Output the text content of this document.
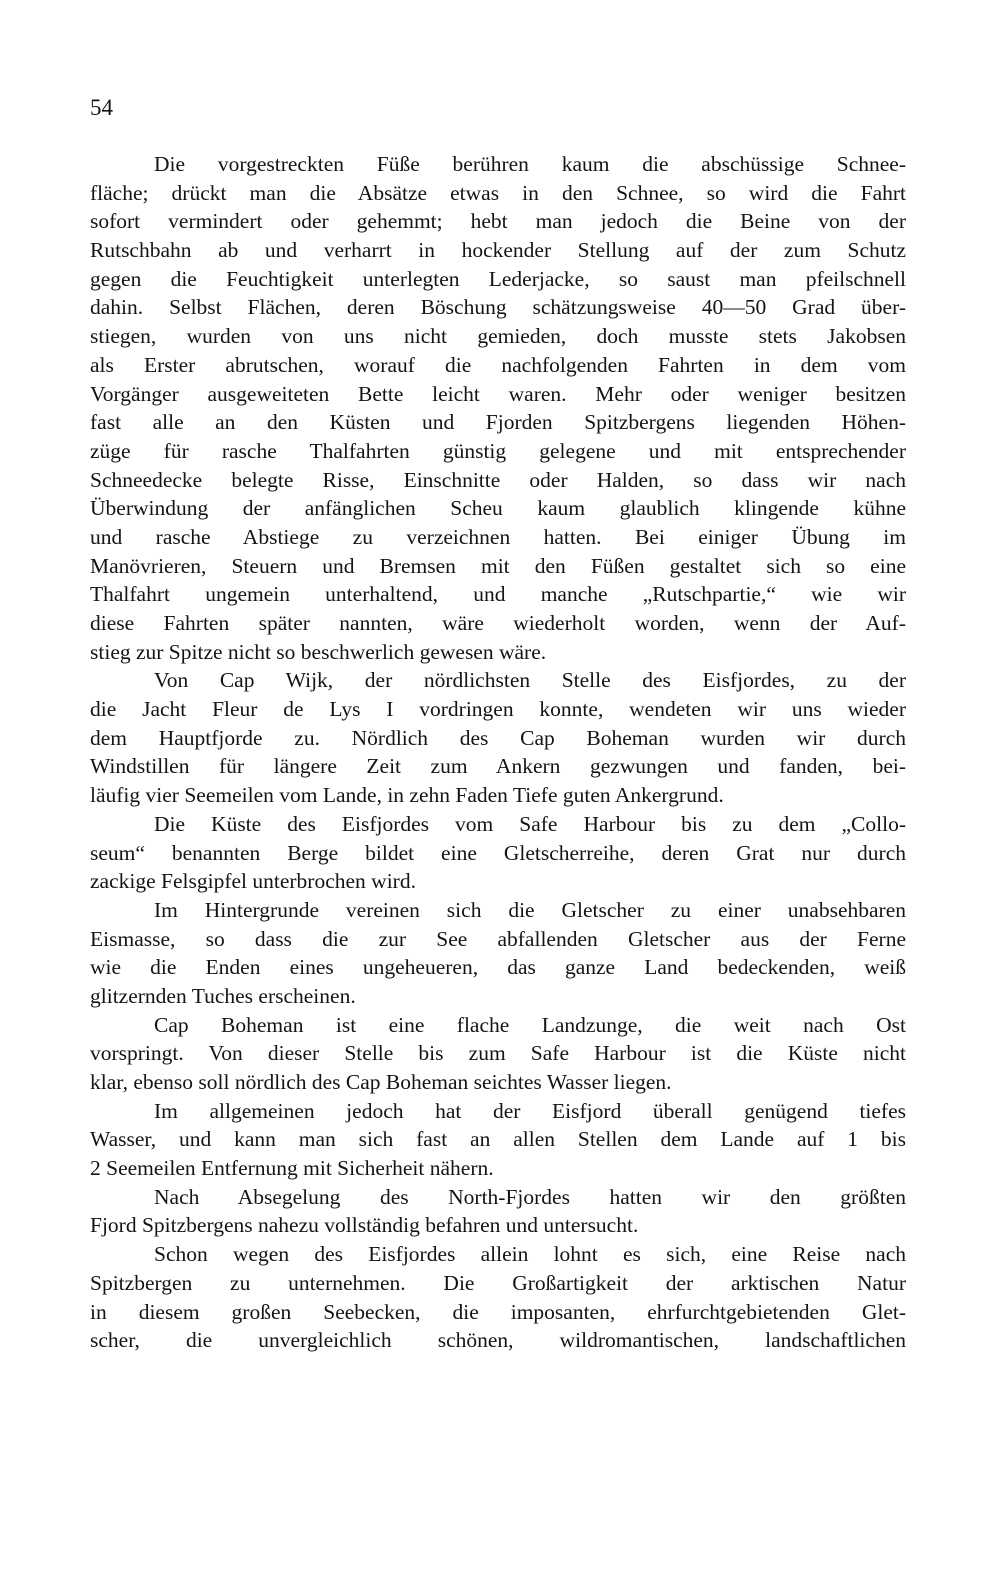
54
Die vorgestreckten Füße berühren kaum die abschüssige Schnee-
fläche; drückt man die Absätze etwas in den Schnee, so wird die Fahrt
sofort vermindert oder gehemmt; hebt man jedoch die Beine von der
Rutschbahn ab und verharrt in hockender Stellung auf der zum Schutz
gegen die Feuchtigkeit unterlegten Lederjacke, so saust man pfeilschnell
dahin. Selbst Flächen, deren Böschung schätzungsweise 40—50 Grad über-
stiegen, wurden von uns nicht gemieden, doch musste stets Jakobsen
als Erster abrutschen, worauf die nachfolgenden Fahrten in dem vom
Vorgänger ausgeweiteten Bette leicht waren. Mehr oder weniger besitzen
fast alle an den Küsten und Fjorden Spitzbergens liegenden Höhen-
züge für rasche Thalfahrten günstig gelegene und mit entsprechender
Schneedecke belegte Risse, Einschnitte oder Halden, so dass wir nach
Überwindung der anfänglichen Scheu kaum glaublich klingende kühne
und rasche Abstiege zu verzeichnen hatten. Bei einiger Übung im
Manövrieren, Steuern und Bremsen mit den Füßen gestaltet sich so eine
Thalfahrt ungemein unterhaltend, und manche „Rutschpartie,“ wie wir
diese Fahrten später nannten, wäre wiederholt worden, wenn der Auf-
stieg zur Spitze nicht so beschwerlich gewesen wäre.
Von Cap Wijk, der nördlichsten Stelle des Eisfjordes, zu der
die Jacht Fleur de Lys I vordringen konnte, wendeten wir uns wieder
dem Hauptfjorde zu. Nördlich des Cap Boheman wurden wir durch
Windstillen für längere Zeit zum Ankern gezwungen und fanden, bei-
läufig vier Seemeilen vom Lande, in zehn Faden Tiefe guten Ankergrund.
Die Küste des Eisfjordes vom Safe Harbour bis zu dem „Collo-
seum“ benannten Berge bildet eine Gletscherreihe, deren Grat nur durch
zackige Felsgipfel unterbrochen wird.
Im Hintergrunde vereinen sich die Gletscher zu einer unabsehbaren
Eismasse, so dass die zur See abfallenden Gletscher aus der Ferne
wie die Enden eines ungeheueren, das ganze Land bedeckenden, weiß
glitzernden Tuches erscheinen.
Cap Boheman ist eine flache Landzunge, die weit nach Ost
vorspringt. Von dieser Stelle bis zum Safe Harbour ist die Küste nicht
klar, ebenso soll nördlich des Cap Boheman seichtes Wasser liegen.
Im allgemeinen jedoch hat der Eisfjord überall genügend tiefes
Wasser, und kann man sich fast an allen Stellen dem Lande auf 1 bis
2 Seemeilen Entfernung mit Sicherheit nähern.
Nach Absegelung des North-Fjordes hatten wir den größten
Fjord Spitzbergens nahezu vollständig befahren und untersucht.
Schon wegen des Eisfjordes allein lohnt es sich, eine Reise nach
Spitzbergen zu unternehmen. Die Großartigkeit der arktischen Natur
in diesem großen Seebecken, die imposanten, ehrfurchtgebietenden Glet-
scher, die unvergleichlich schönen, wildromantischen, landschaftlichen
